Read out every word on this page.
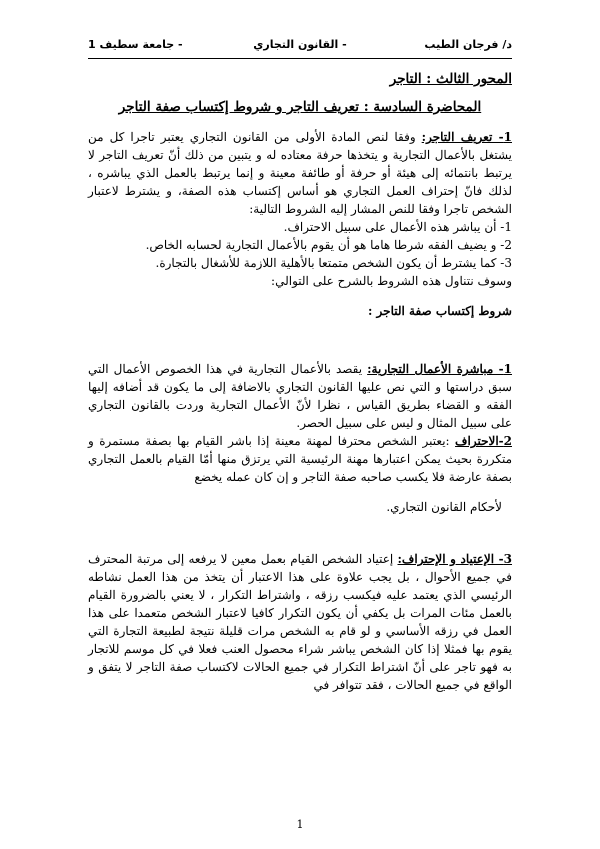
د/ فرجان الطيب
- القانون التجاري
- جامعة سطيف 1
المحور الثالث : التاجر
المحاضرة السادسة : تعريف التاجر و شروط إكتساب صفة التاجر

1- تعريف التاجر: وفقا لنص المادة الأولى من القانون التجاري يعتبر تاجرا كل من يشتغل بالأعمال التجارية و يتخذها حرفة معتاده له و يتبين من ذلك أنّ تعريف التاجر لا يرتبط بانتمائه إلى هيئة أو حرفة أو طائفة معينة و إنما يرتبط بالعمل الذي يباشره ، لذلك فانّ إحتراف العمل التجاري هو أساس إكتساب هذه الصفة، و يشترط لاعتبار الشخص تاجرا وفقا للنص المشار إليه الشروط التالية:

1- أن يباشر هذه الأعمال على سبيل الاحتراف.

2- و يضيف الفقه شرطا هاما هو أن يقوم بالأعمال التجارية لحسابه الخاص.

3- كما يشترط أن يكون الشخص متمتعا بالأهلية اللازمة للأشغال بالتجارة.

وسوف نتناول هذه الشروط بالشرح على التوالي:

شروط إكتساب صفة التاجر :

1- مباشرة الأعمال التجارية: يقصد بالأعمال التجارية في هذا الخصوص الأعمال التي سبق دراستها و التي نص عليها القانون التجاري بالاضافة إلى ما يكون قد أضافه إليها الفقه و القضاء بطريق القياس ، نظرا لأنّ الأعمال التجارية وردت بالقانون التجاري على سبيل المثال و ليس على سبيل الحصر.

2-الاحتراف :يعتبر الشخص محترفا لمهنة معينة إذا باشر القيام بها بصفة مستمرة و متكررة بحيث يمكن اعتبارها مهنة الرئيسية التي يرتزق منها أمّا القيام بالعمل التجاري بصفة عارضة فلا يكسب صاحبه صفة التاجر و إن كان عمله يخضع

لأحكام القانون التجاري.

3- الإعتياد و الإحتراف: إعتياد الشخص القيام بعمل معين لا يرفعه إلى مرتبة المحترف في جميع الأحوال ، بل يجب علاوة على هذا الاعتبار أن يتخذ من هذا العمل نشاطه الرئيسي الذي يعتمد عليه فيكسب رزقه ، واشتراط التكرار ، لا يعني بالضرورة القيام بالعمل مئات المرات بل يكفي أن يكون التكرار كافيا لاعتبار الشخص متعمدا على هذا العمل في رزقه الأساسي و لو قام به الشخص مرات قليلة نتيجة لطبيعة التجارة التي يقوم بها فمثلا إذا كان الشخص يباشر شراء محصول العنب فعلا في كل موسم للاتجار به فهو تاجر على أنّ اشتراط التكرار في جميع الحالات لاكتساب صفة التاجر لا يتفق و الواقع في جميع الحالات ، فقد تتوافر في

1
